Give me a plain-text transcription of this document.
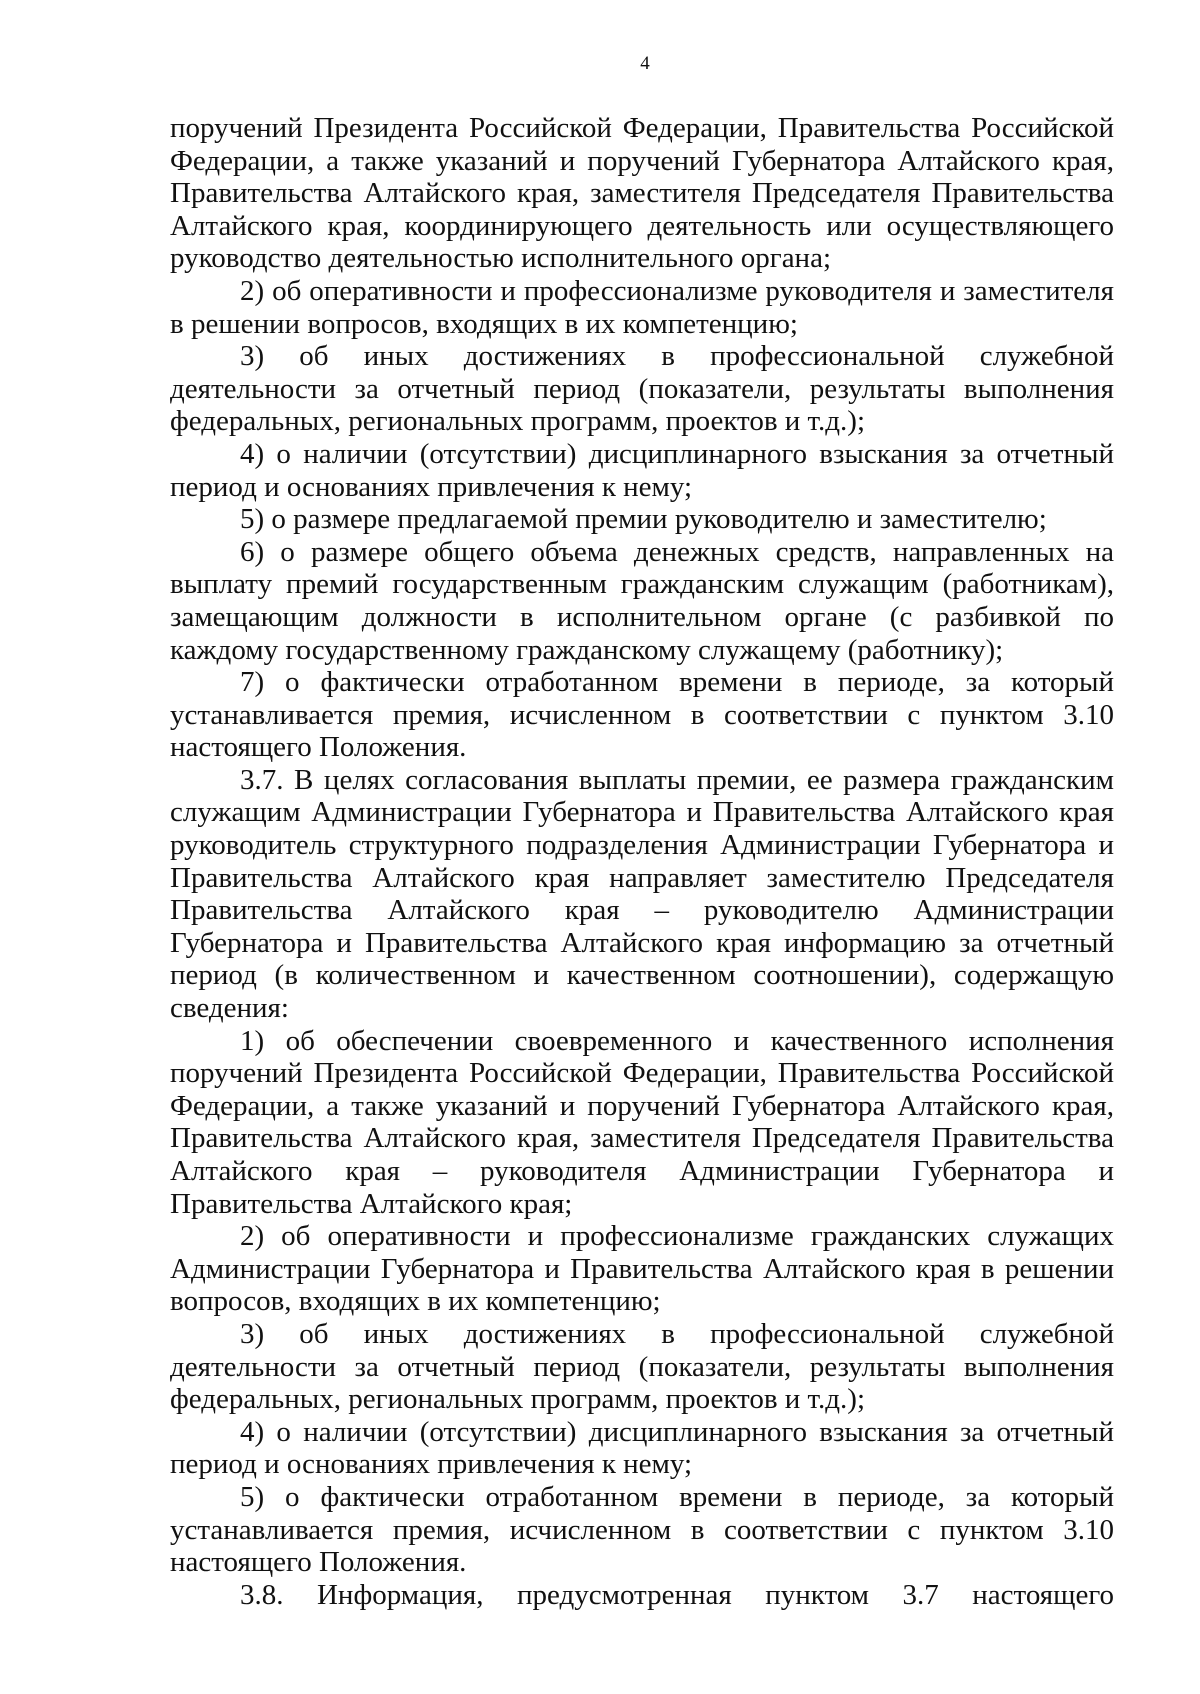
4

поручений Президента Российской Федерации, Правительства Российской Федерации, а также указаний и поручений Губернатора Алтайского края, Правительства Алтайского края, заместителя Председателя Правительства Алтайского края, координирующего деятельность или осуществляющего руководство деятельностью исполнительного органа;

2) об оперативности и профессионализме руководителя и заместителя в решении вопросов, входящих в их компетенцию;

3) об иных достижениях в профессиональной служебной деятельности за отчетный период (показатели, результаты выполнения федеральных, региональных программ, проектов и т.д.);

4) о наличии (отсутствии) дисциплинарного взыскания за отчетный период и основаниях привлечения к нему;

5) о размере предлагаемой премии руководителю и заместителю;

6) о размере общего объема денежных средств, направленных на выплату премий государственным гражданским служащим (работникам), замещающим должности в исполнительном органе (с разбивкой по каждому государственному гражданскому служащему (работнику);

7) о фактически отработанном времени в периоде, за который устанавливается премия, исчисленном в соответствии с пунктом 3.10 настоящего Положения.

3.7. В целях согласования выплаты премии, ее размера гражданским служащим Администрации Губернатора и Правительства Алтайского края руководитель структурного подразделения Администрации Губернатора и Правительства Алтайского края направляет заместителю Председателя Правительства Алтайского края – руководителю Администрации Губернатора и Правительства Алтайского края информацию за отчетный период (в количественном и качественном соотношении), содержащую сведения:

1) об обеспечении своевременного и качественного исполнения поручений Президента Российской Федерации, Правительства Российской Федерации, а также указаний и поручений Губернатора Алтайского края, Правительства Алтайского края, заместителя Председателя Правительства Алтайского края – руководителя Администрации Губернатора и Правительства Алтайского края;

2) об оперативности и профессионализме гражданских служащих Администрации Губернатора и Правительства Алтайского края в решении вопросов, входящих в их компетенцию;

3) об иных достижениях в профессиональной служебной деятельности за отчетный период (показатели, результаты выполнения федеральных, региональных программ, проектов и т.д.);

4) о наличии (отсутствии) дисциплинарного взыскания за отчетный период и основаниях привлечения к нему;

5) о фактически отработанном времени в периоде, за который устанавливается премия, исчисленном в соответствии с пунктом 3.10 настоящего Положения.

3.8. Информация, предусмотренная пунктом 3.7 настоящего
